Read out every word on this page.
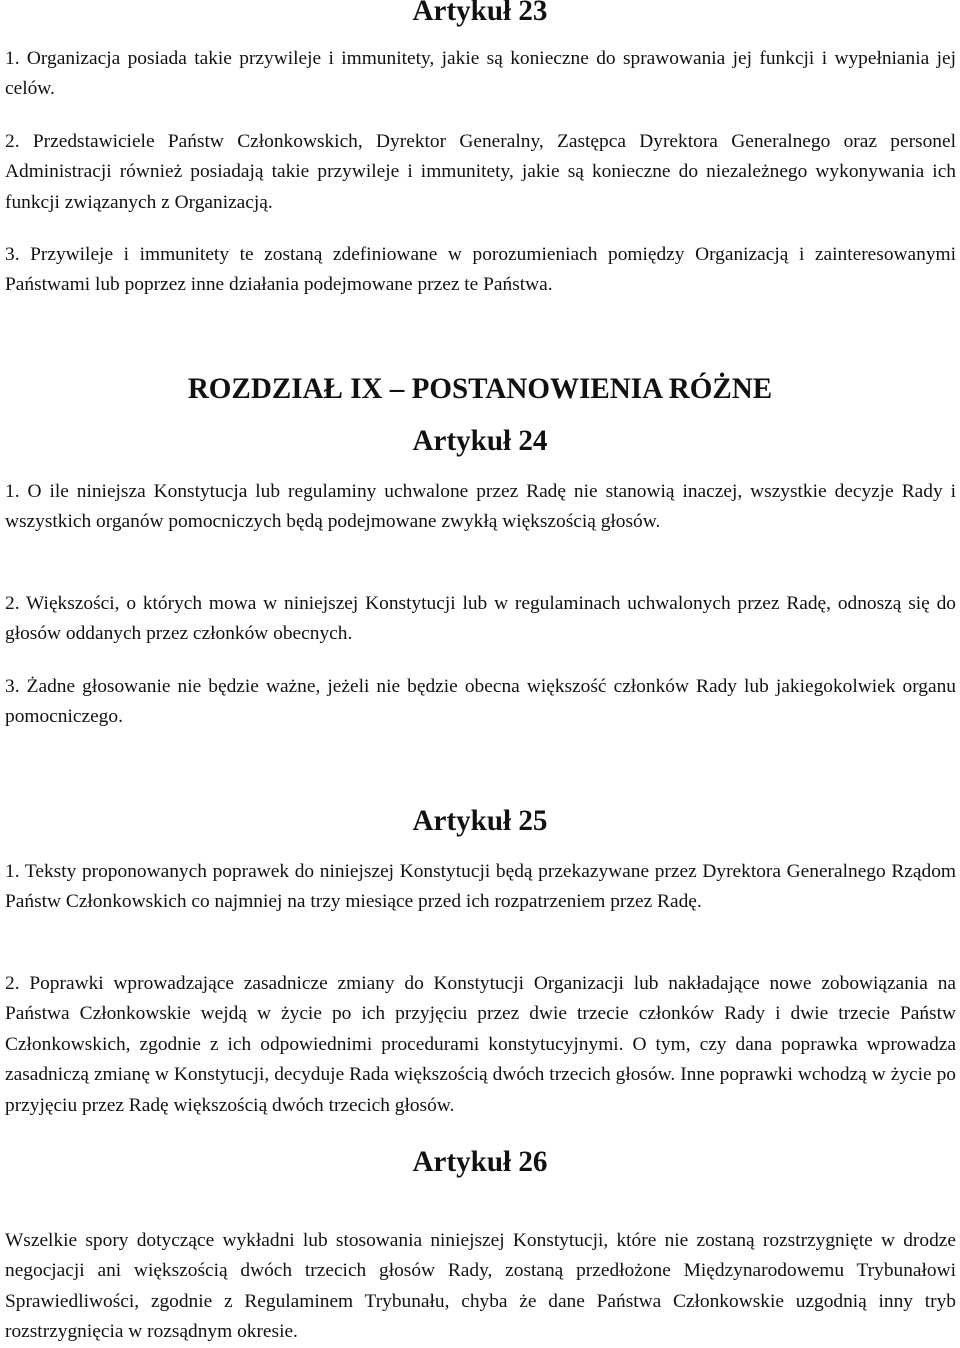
Artykuł 23

1. Organizacja posiada takie przywileje i immunitety, jakie są konieczne do sprawowania jej funkcji i wypełniania jej celów.

2. Przedstawiciele Państw Członkowskich, Dyrektor Generalny, Zastępca Dyrektora Generalnego oraz personel Administracji również posiadają takie przywileje i immunitety, jakie są konieczne do niezależnego wykonywania ich funkcji związanych z Organizacją.

3. Przywileje i immunitety te zostaną zdefiniowane w porozumieniach pomiędzy Organizacją i zainteresowanymi Państwami lub poprzez inne działania podejmowane przez te Państwa.

ROZDZIAŁ IX – POSTANOWIENIA RÓŻNE
Artykuł 24

1. O ile niniejsza Konstytucja lub regulaminy uchwalone przez Radę nie stanowią inaczej, wszystkie decyzje Rady i wszystkich organów pomocniczych będą podejmowane zwykłą większością głosów.

2. Większości, o których mowa w niniejszej Konstytucji lub w regulaminach uchwalonych przez Radę, odnoszą się do głosów oddanych przez członków obecnych.

3. Żadne głosowanie nie będzie ważne, jeżeli nie będzie obecna większość członków Rady lub jakiegokolwiek organu pomocniczego.

Artykuł 25

1. Teksty proponowanych poprawek do niniejszej Konstytucji będą przekazywane przez Dyrektora Generalnego Rządom Państw Członkowskich co najmniej na trzy miesiące przed ich rozpatrzeniem przez Radę.

2. Poprawki wprowadzające zasadnicze zmiany do Konstytucji Organizacji lub nakładające nowe zobowiązania na Państwa Członkowskie wejdą w życie po ich przyjęciu przez dwie trzecie członków Rady i dwie trzecie Państw Członkowskich, zgodnie z ich odpowiednimi procedurami konstytucyjnymi. O tym, czy dana poprawka wprowadza zasadniczą zmianę w Konstytucji, decyduje Rada większością dwóch trzecich głosów. Inne poprawki wchodzą w życie po przyjęciu przez Radę większością dwóch trzecich głosów.

Artykuł 26

Wszelkie spory dotyczące wykładni lub stosowania niniejszej Konstytucji, które nie zostaną rozstrzygnięte w drodze negocjacji ani większością dwóch trzecich głosów Rady, zostaną przedłożone Międzynarodowemu Trybunałowi Sprawiedliwości, zgodnie z Regulaminem Trybunału, chyba że dane Państwa Członkowskie uzgodnią inny tryb rozstrzygnięcia w rozsądnym okresie.
